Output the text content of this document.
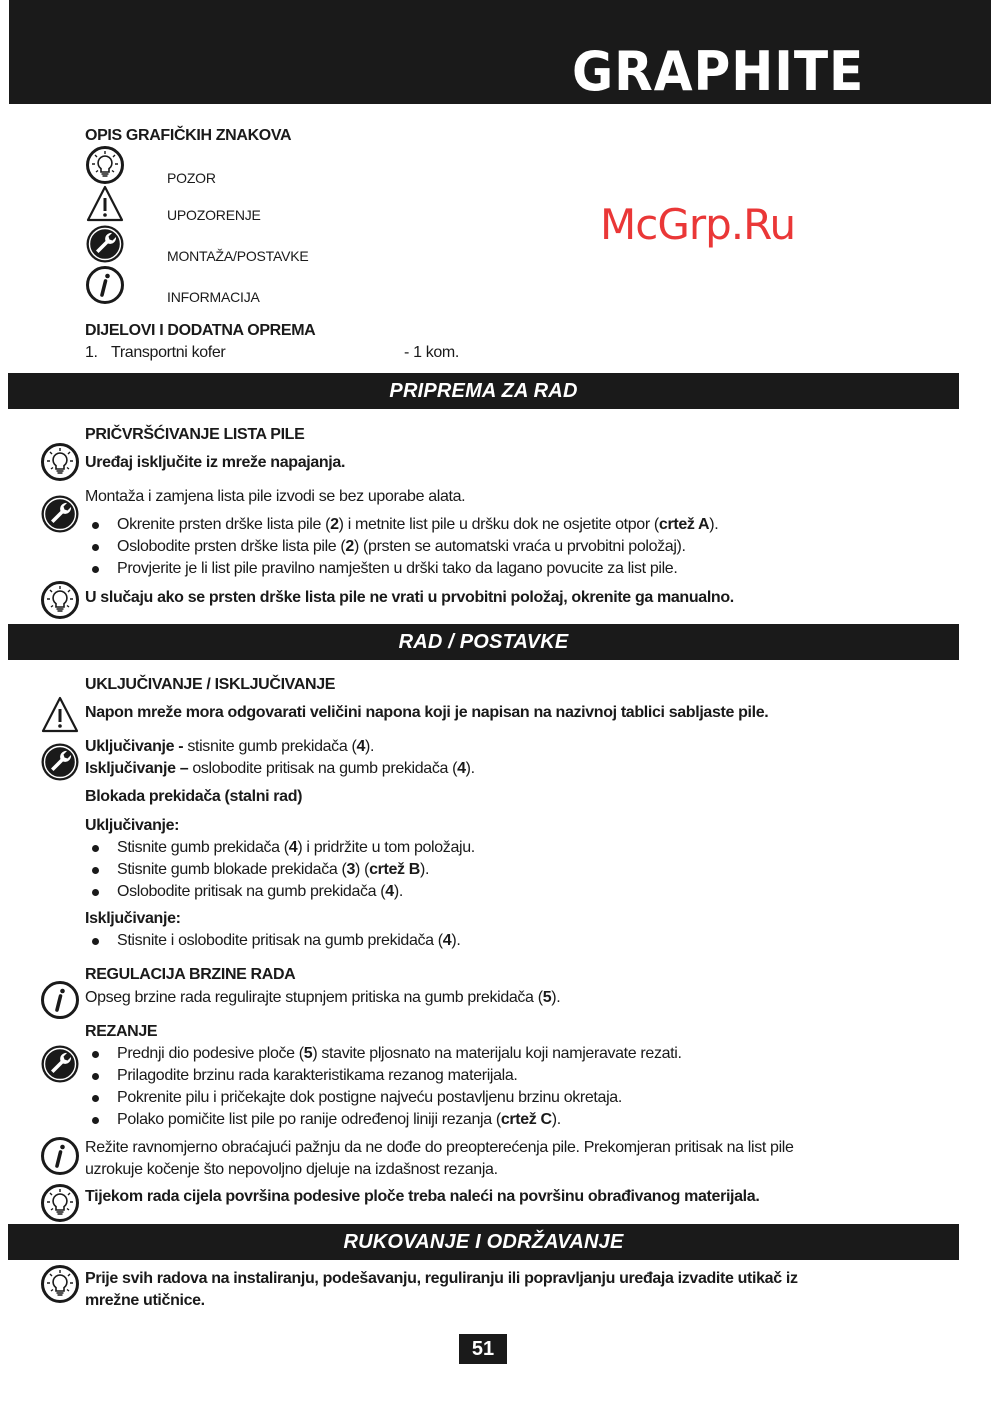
GRAPHITE
OPIS GRAFIČKIH ZNAKOVA
POZOR
UPOZORENJE
MONTAŽA/POSTAVKE
INFORMACIJA
DIJELOVI I DODATNA OPREMA
1. Transportni kofer	- 1 kom.
PRIPREMA ZA RAD
PRIČVRŠĆIVANJE LISTA PILE
Uređaj isključite iz mreže napajanja.
Montaža i zamjena lista pile izvodi se bez uporabe alata.
Okrenite prsten drške lista pile (2) i metnite list pile u dršku dok ne osjetite otpor (crtež A).
Oslobodite prsten drške lista pile (2) (prsten se automatski vraća u prvobitni položaj).
Provjerite je li list pile pravilno namješten u drški tako da lagano povucite za list pile.
U slučaju ako se prsten drške lista pile ne vrati u prvobitni položaj, okrenite ga manualno.
RAD / POSTAVKE
UKLJUČIVANJE / ISKLJUČIVANJE
Napon mreže mora odgovarati veličini napona koji je napisan na nazivnoj tablici sabljaste pile.
Uključivanje - stisnite gumb prekidača (4).
Isključivanje – oslobodite pritisak na gumb prekidača (4).
Blokada prekidača (stalni rad)
Uključivanje:
Stisnite gumb prekidača (4) i pridržite u tom položaju.
Stisnite gumb blokade prekidača (3) (crtež B).
Oslobodite pritisak na gumb prekidača (4).
Isključivanje:
Stisnite i oslobodite pritisak na gumb prekidača (4).
REGULACIJA BRZINE RADA
Opseg brzine rada regulirajte stupnjem pritiska na gumb prekidača (5).
REZANJE
Prednji dio podesive ploče (5) stavite pljosnato na materijalu koji namjeravate rezati.
Prilagodite brzinu rada karakteristikama rezanog materijala.
Pokrenite pilu i pričekajte dok postigne najveću postavljenu brzinu okretaja.
Polako pomičite list pile po ranije određenoj liniji rezanja (crtež C).
Režite ravnomjerno obraćajući pažnju da ne dođe do preopterećenja pile. Prekomjeran pritisak na list pile
uzrokuje kočenje što nepovoljno djeluje na izdašnost rezanja.
Tijekom rada cijela površina podesive ploče treba naleći na površinu obrađivanog materijala.
RUKOVANJE I ODRŽAVANJE
Prije svih radova na instaliranju, podešavanju, reguliranju ili popravljanju uređaja izvadite utikač iz
mrežne utičnice.
51
McGrp.Ru
